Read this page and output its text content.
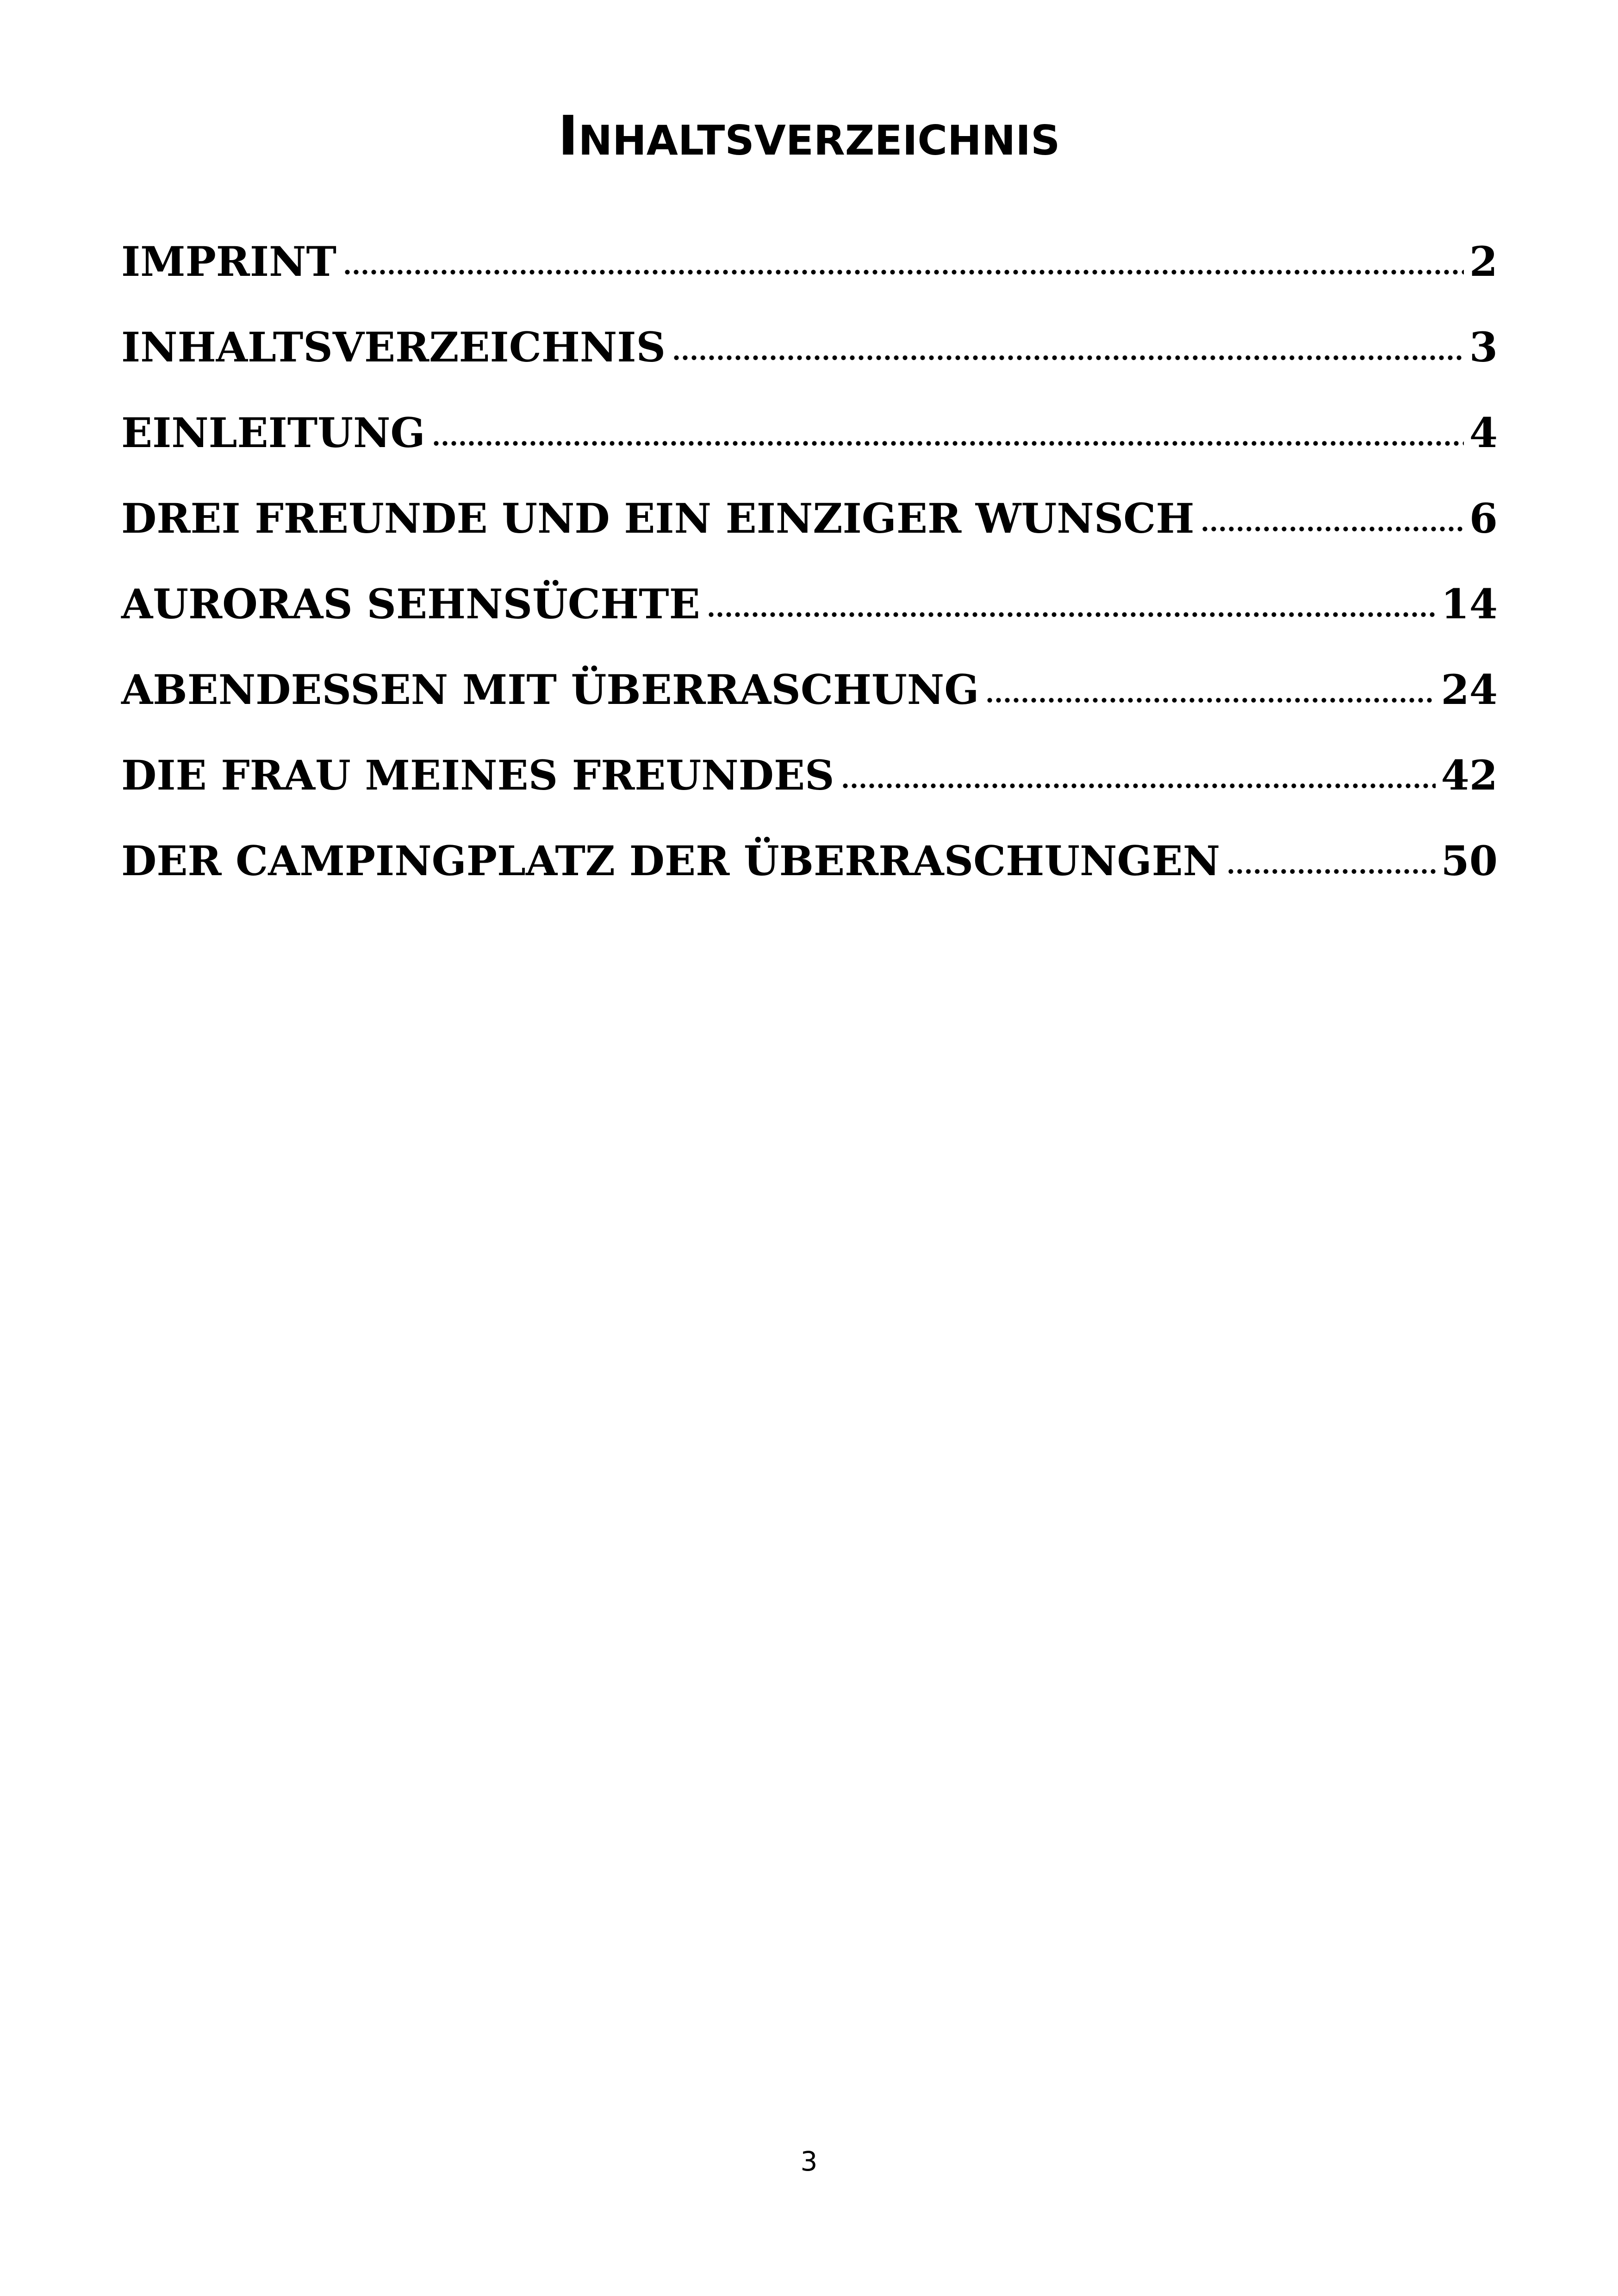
INHALTSVERZEICHNIS
IMPRINT	2
INHALTSVERZEICHNIS	3
EINLEITUNG	4
DREI FREUNDE UND EIN EINZIGER WUNSCH	6
AURORAS SEHNSÜCHTE	14
ABENDESSEN MIT ÜBERRASCHUNG	24
DIE FRAU MEINES FREUNDES	42
DER CAMPINGPLATZ DER ÜBERRASCHUNGEN	50
3
